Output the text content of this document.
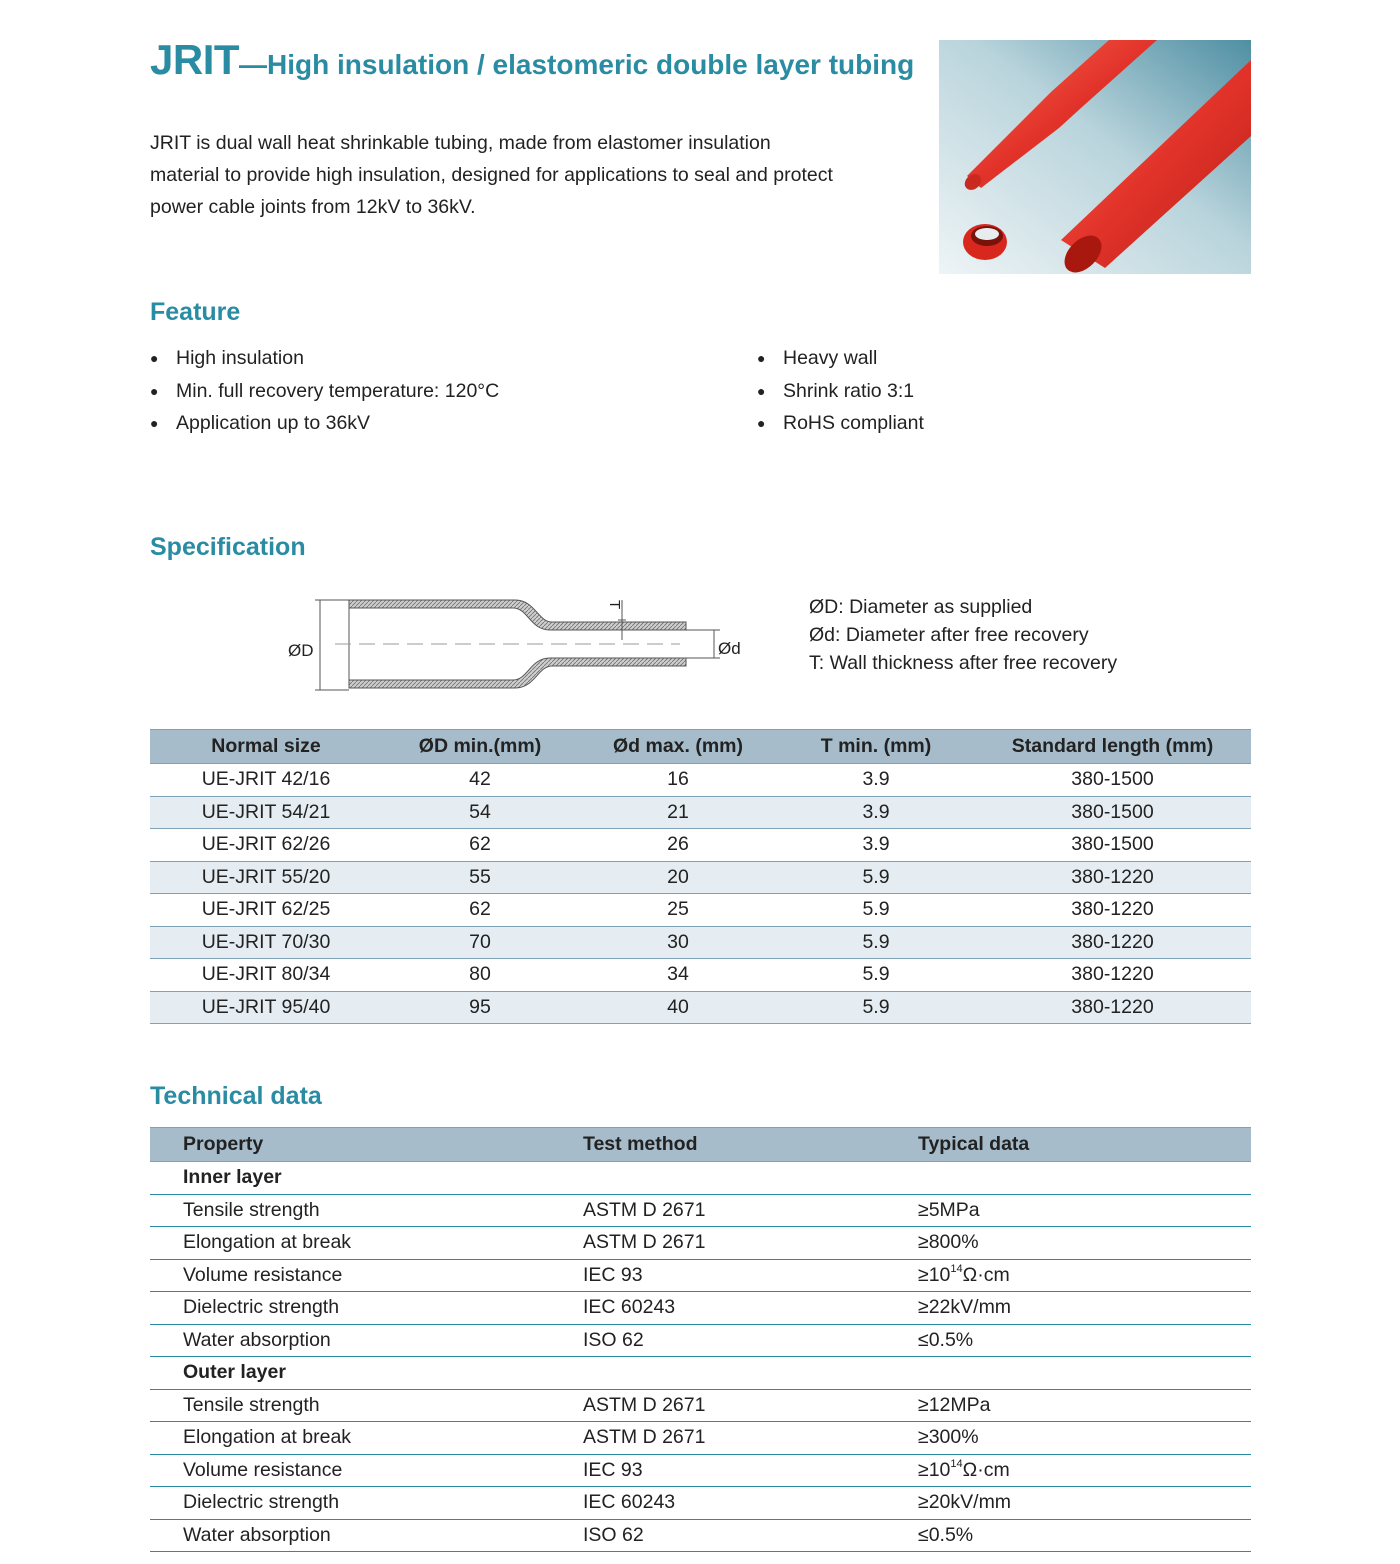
JRIT—High insulation / elastomeric double layer tubing
JRIT is dual wall heat shrinkable tubing, made from elastomer insulation material to provide high insulation, designed for applications to seal and protect power cable joints from 12kV to 36kV.
Feature
● High insulation
● Min. full recovery temperature: 120°C
● Application up to 36kV
● Heavy wall
● Shrink ratio 3:1
● RoHS compliant
Specification
ØD	Ød
T	ØD: Diameter as supplied
Ød: Diameter after free recovery
T: Wall thickness after free recovery
Normal size	ØD min.(mm)	Ød max. (mm)	T min. (mm)	Standard length (mm)
UE-JRIT 42/16	42	16	3.9	380-1500
UE-JRIT 54/21	54	21	3.9	380-1500
UE-JRIT 62/26	62	26	3.9	380-1500
UE-JRIT 55/20	55	20	5.9	380-1220
UE-JRIT 62/25	62	25	5.9	380-1220
UE-JRIT 70/30	70	30	5.9	380-1220
UE-JRIT 80/34	80	34	5.9	380-1220
UE-JRIT 95/40	95	40	5.9	380-1220
Technical data
Property	Test method	Typical data
Inner layer		
Tensile strength	ASTM D 2671	≥5MPa
Elongation at break	ASTM D 2671	≥800%
Volume resistance	IEC 93	$\ge 10^{14}\Omega\cdot cm$
Dielectric strength	IEC 60243	≥22kV/mm
Water absorption	ISO 62	≤0.5%
Outer layer		
Tensile strength	ASTM D 2671	≥12MPa
Elongation at break	ASTM D 2671	≥300%
Volume resistance	IEC 93	$\ge 10^{14}\Omega\cdot cm$
Dielectric strength	IEC 60243	≥20kV/mm
Water absorption	ISO 62	≤0.5%
